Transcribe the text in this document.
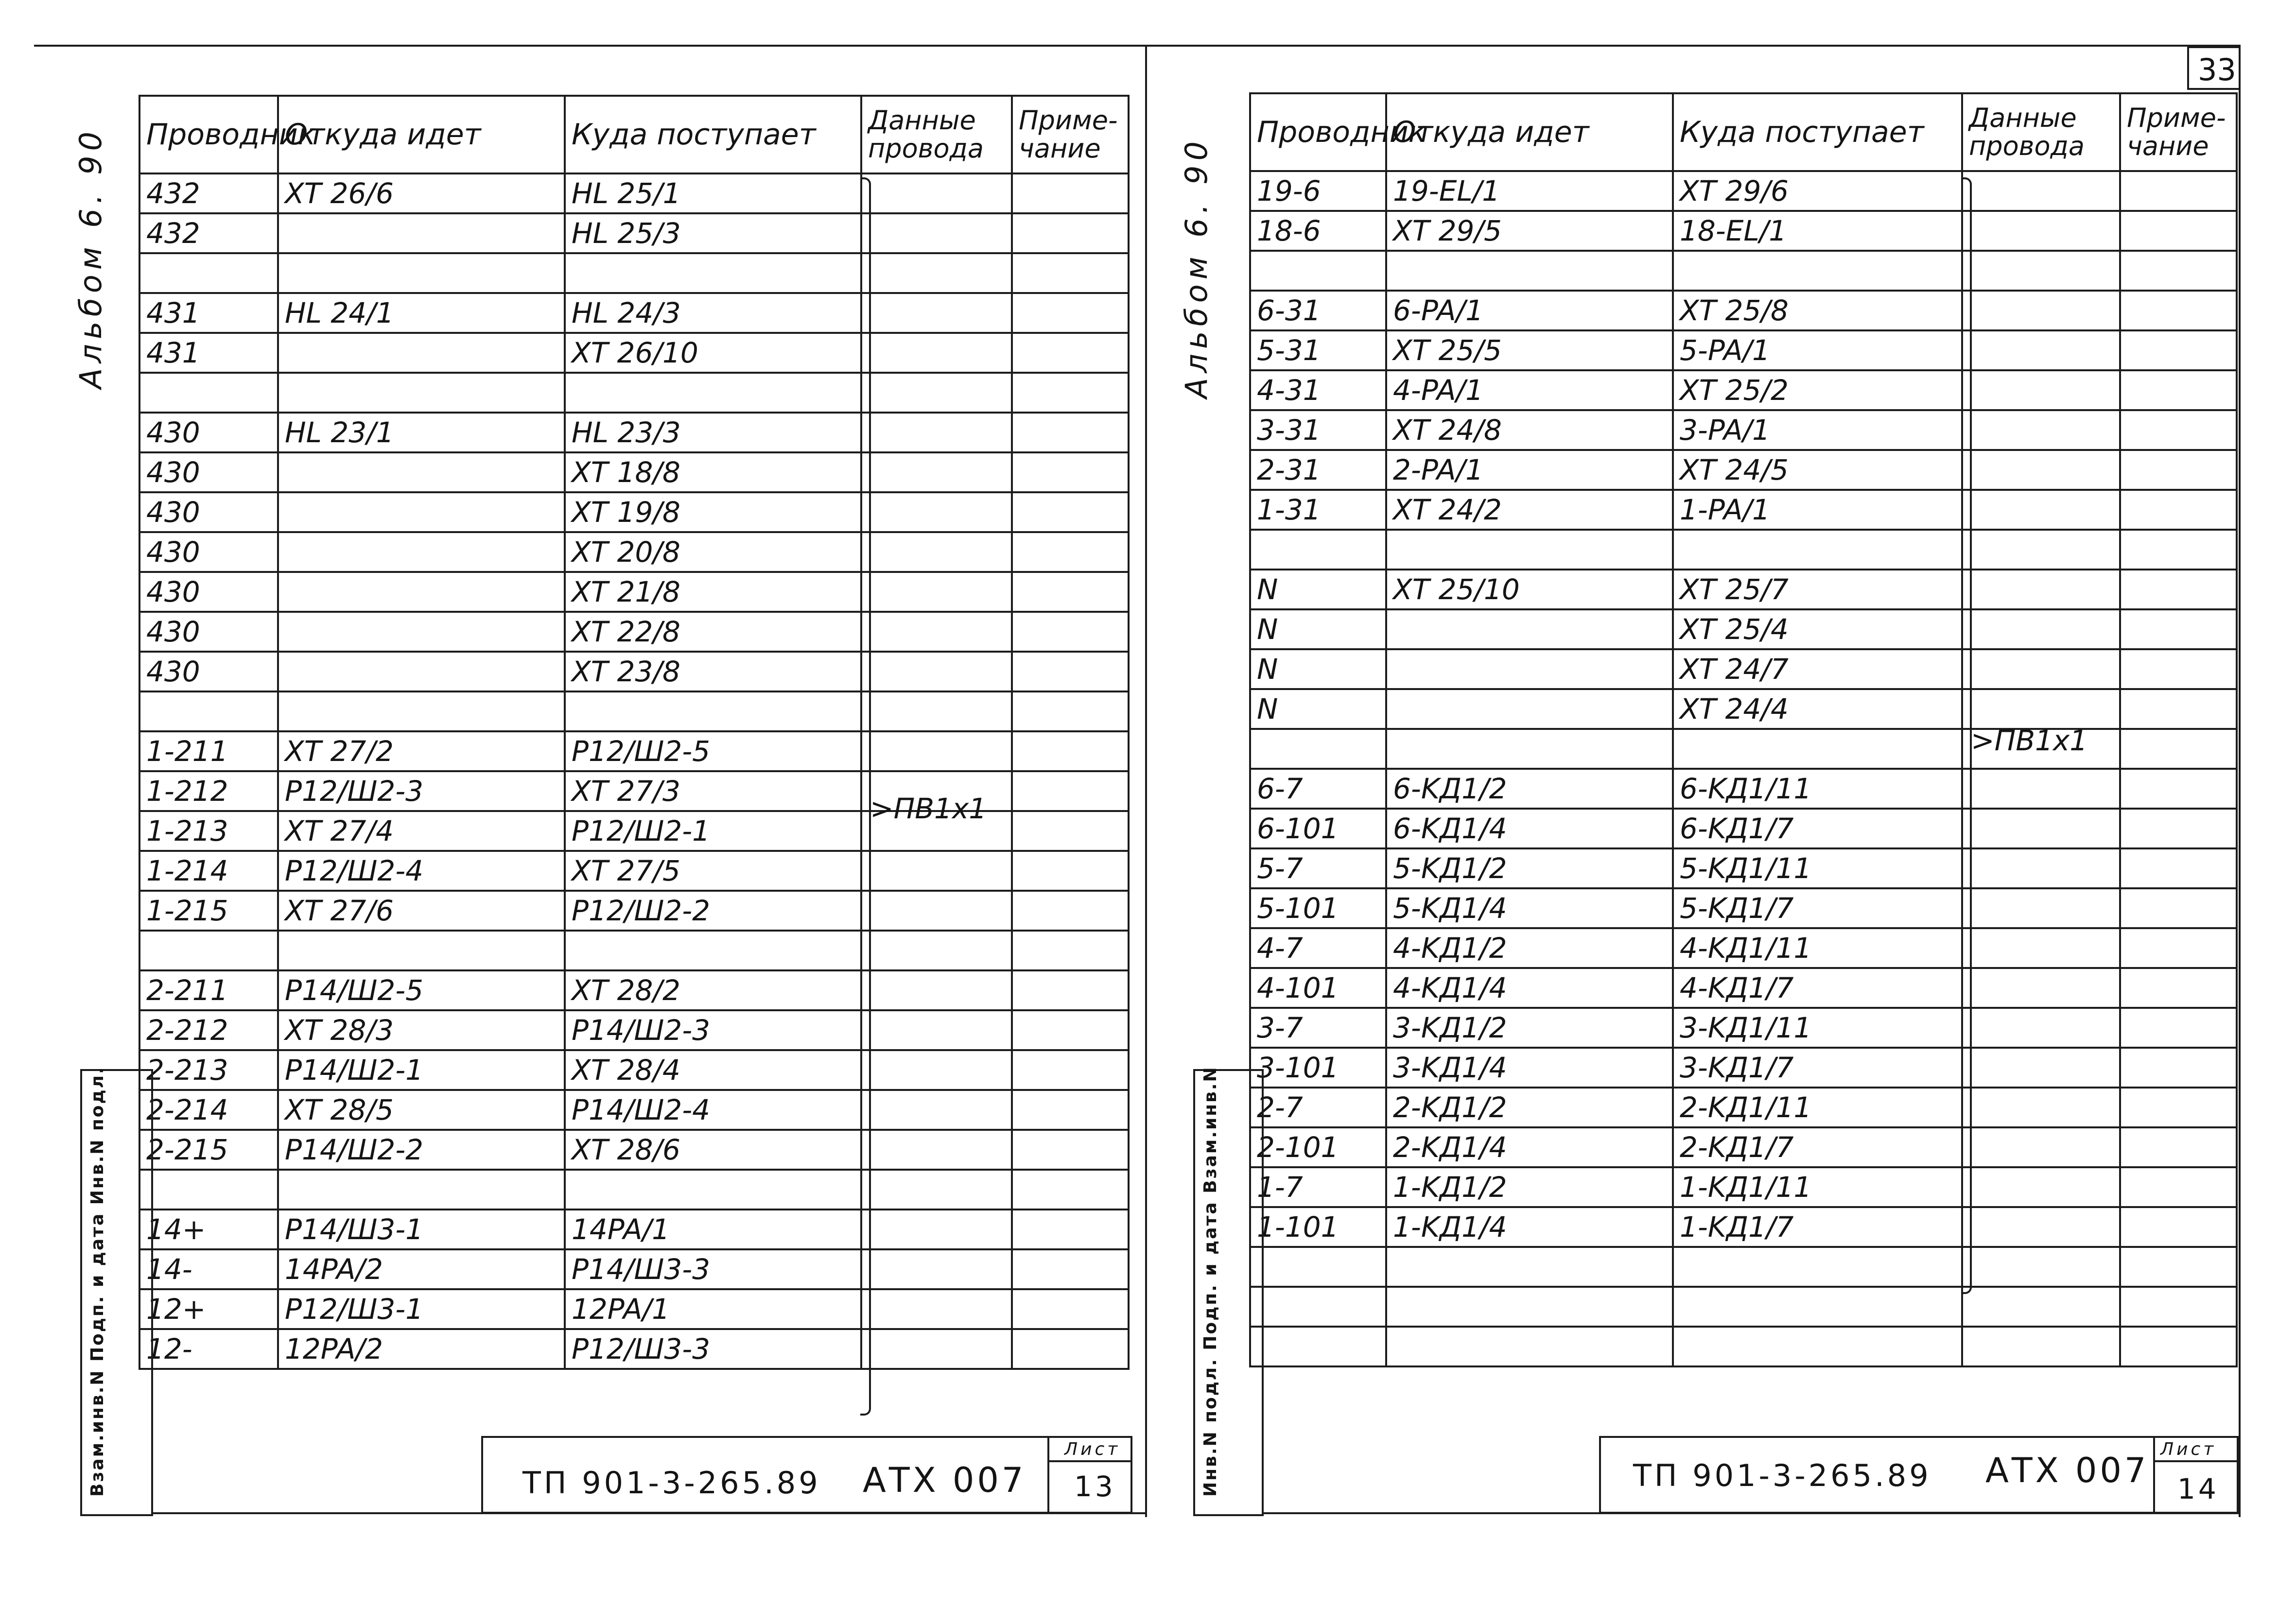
33
Альбом 6. 90 Проводник	Откуда идет	Куда поступает	Данные провода	Приме-чание
432	XT 26/6	HL 25/1		
432		HL 25/3		

431	HL 24/1	HL 24/3		
431		XT 26/10		

430	HL 23/1	HL 23/3		
430		XT 18/8		
430		XT 19/8		
430		XT 20/8		
430		XT 21/8		
430		XT 22/8		
430		XT 23/8		

1-211	XT 27/2	P12/Ш2-5		
1-212	P12/Ш2-3	XT 27/3		
1-213	XT 27/4	P12/Ш2-1		
1-214	P12/Ш2-4	XT 27/5		
1-215	XT 27/6	P12/Ш2-2		

2-211	P14/Ш2-5	XT 28/2		
2-212	XT 28/3	P14/Ш2-3		
2-213	P14/Ш2-1	XT 28/4		
2-214	XT 28/5	P14/Ш2-4		
2-215	P14/Ш2-2	XT 28/6		

14+	P14/Ш3-1	14PA/1		
14-	14PA/2	P14/Ш3-3		
12+	P12/Ш3-1	12PA/1		
12-	12PA/2	P12/Ш3-3		
>ПВ1х1
Взам.инв.N Подп. и дата Инв.N подл.	ТП 901-3-265.89 АТХ 007
Лист
13
Альбом 6. 90
Проводник	Откуда идет	Куда поступает	Данные провода	Приме-чание
19-6	19-EL/1	XT 29/6		
18-6	XT 29/5	18-EL/1		

6-31	6-PA/1	XT 25/8		
5-31	XT 25/5	5-PA/1		
4-31	4-PA/1	XT 25/2		
3-31	XT 24/8	3-PA/1		
2-31	2-PA/1	XT 24/5		
1-31	XT 24/2	1-PA/1		

N	XT 25/10	XT 25/7		
N		XT 25/4		
N		XT 24/7		
N		XT 24/4		

6-7	6-KД1/2	6-KД1/11		
6-101	6-KД1/4	6-KД1/7		
5-7	5-KД1/2	5-KД1/11		
5-101	5-KД1/4	5-KД1/7		
4-7	4-KД1/2	4-KД1/11		
4-101	4-KД1/4	4-KД1/7		
3-7	3-KД1/2	3-KД1/11		
3-101	3-KД1/4	3-KД1/7		
2-7	2-KД1/2	2-KД1/11		
2-101	2-KД1/4	2-KД1/7		
1-7	1-KД1/2	1-KД1/11		
1-101	1-KД1/4	1-KД1/7		

>ПВ1х1
Инв.N подл. Подп. и дата Взам.инв.N	ТП 901-3-265.89 АТХ 007
Лист
14
